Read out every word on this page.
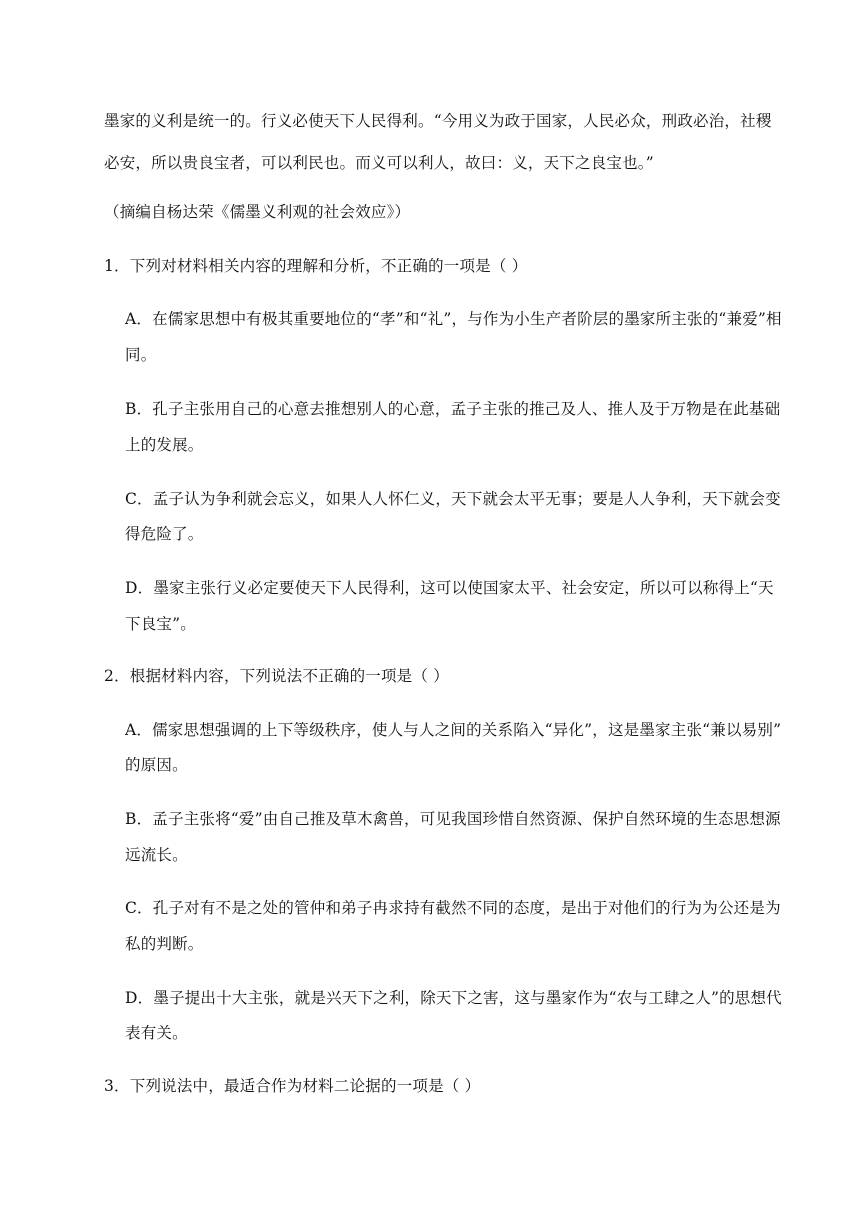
墨家的义利是统一的。行义必使天下人民得利。“今用义为政于国家，人民必众，刑政必治，社稷
必安，所以贵良宝者，可以利民也。而义可以利人，故曰：义，天下之良宝也。”
（摘编自杨达荣《儒墨义利观的社会效应》）
1．下列对材料相关内容的理解和分析，不正确的一项是（ ）
A．在儒家思想中有极其重要地位的“孝”和“礼”，与作为小生产者阶层的墨家所主张的“兼爱”相
同。
B．孔子主张用自己的心意去推想别人的心意，孟子主张的推己及人、推人及于万物是在此基础
上的发展。
C．孟子认为争利就会忘义，如果人人怀仁义，天下就会太平无事；要是人人争利，天下就会变
得危险了。
D．墨家主张行义必定要使天下人民得利，这可以使国家太平、社会安定，所以可以称得上“天
下良宝”。
2．根据材料内容，下列说法不正确的一项是（ ）
A．儒家思想强调的上下等级秩序，使人与人之间的关系陷入“异化”，这是墨家主张“兼以易别”
的原因。
B．孟子主张将“爱”由自己推及草木禽兽，可见我国珍惜自然资源、保护自然环境的生态思想源
远流长。
C．孔子对有不是之处的管仲和弟子冉求持有截然不同的态度，是出于对他们的行为为公还是为
私的判断。
D．墨子提出十大主张，就是兴天下之利，除天下之害，这与墨家作为“农与工肆之人”的思想代
表有关。
3．下列说法中，最适合作为材料二论据的一项是（ ）
